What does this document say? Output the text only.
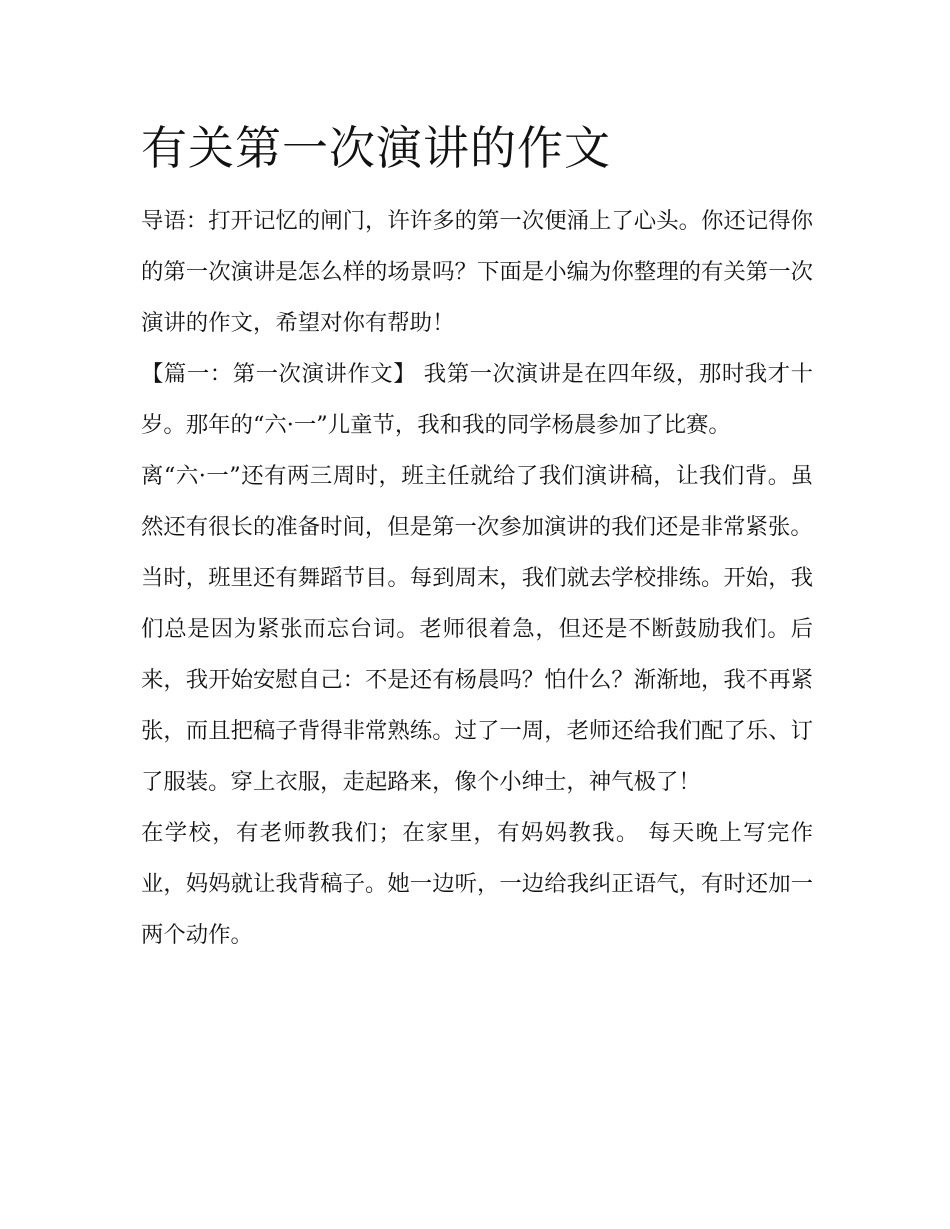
有关第一次演讲的作文

导语：打开记忆的闸门，许许多的第一次便涌上了心头。你还记得你的第一次演讲是怎么样的场景吗？下面是小编为你整理的有关第一次演讲的作文，希望对你有帮助！

【篇一：第一次演讲作文】 我第一次演讲是在四年级，那时我才十岁。那年的“六·一”儿童节，我和我的同学杨晨参加了比赛。

离“六·一”还有两三周时，班主任就给了我们演讲稿，让我们背。虽然还有很长的准备时间，但是第一次参加演讲的我们还是非常紧张。

当时，班里还有舞蹈节目。每到周末，我们就去学校排练。开始，我们总是因为紧张而忘台词。老师很着急，但还是不断鼓励我们。后来，我开始安慰自己：不是还有杨晨吗？怕什么？渐渐地，我不再紧张，而且把稿子背得非常熟练。过了一周，老师还给我们配了乐、订了服装。穿上衣服，走起路来，像个小绅士，神气极了！

在学校，有老师教我们；在家里，有妈妈教我。 每天晚上写完作业，妈妈就让我背稿子。她一边听，一边给我纠正语气，有时还加一两个动作。
